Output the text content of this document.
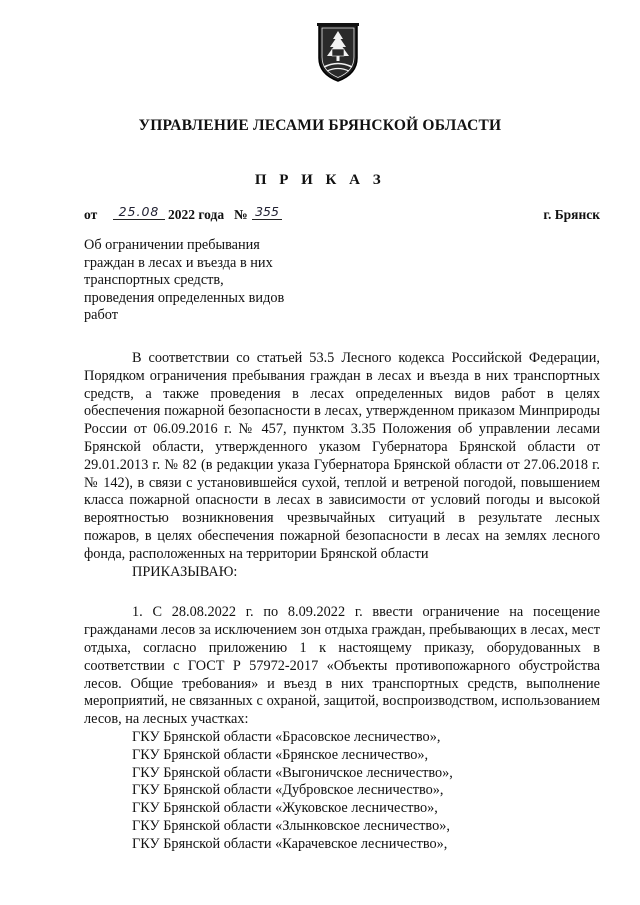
УПРАВЛЕНИЕ ЛЕСАМИ БРЯНСКОЙ ОБЛАСТИ
П Р И К А З
от	25.08 2022 года № 355	г. Брянск
Об ограничении пребывания граждан в лесах и въезда в них транспортных средств, проведения определенных видов работ

В соответствии со статьей 53.5 Лесного кодекса Российской Федерации, Порядком ограничения пребывания граждан в лесах и въезда в них транспортных средств, а также проведения в лесах определенных видов работ в целях обеспечения пожарной безопасности в лесах, утвержденном приказом Минприроды России от 06.09.2016 г. № 457, пунктом 3.35 Положения об управлении лесами Брянской области, утвержденного указом Губернатора Брянской области от 29.01.2013 г. № 82 (в редакции указа Губернатора Брянской области от 27.06.2018 г. № 142), в связи с установившейся сухой, теплой и ветреной погодой, повышением класса пожарной опасности в лесах в зависимости от условий погоды и высокой вероятностью возникновения чрезвычайных ситуаций в результате лесных пожаров, в целях обеспечения пожарной безопасности в лесах на землях лесного фонда, расположенных на территории Брянской области

ПРИКАЗЫВАЮ:

1. С 28.08.2022 г. по 8.09.2022 г. ввести ограничение на посещение гражданами лесов за исключением зон отдыха граждан, пребывающих в лесах, мест отдыха, согласно приложению 1 к настоящему приказу, оборудованных в соответствии с ГОСТ Р 57972-2017 «Объекты противопожарного обустройства лесов. Общие требования» и въезд в них транспортных средств, выполнение мероприятий, не связанных с охраной, защитой, воспроизводством, использованием лесов, на лесных участках:

ГКУ Брянской области «Брасовское лесничество»,
ГКУ Брянской области «Брянское лесничество»,
ГКУ Брянской области «Выгоничское лесничество»,
ГКУ Брянской области «Дубровское лесничество»,
ГКУ Брянской области «Жуковское лесничество»,
ГКУ Брянской области «Злынковское лесничество»,
ГКУ Брянской области «Карачевское лесничество»,
